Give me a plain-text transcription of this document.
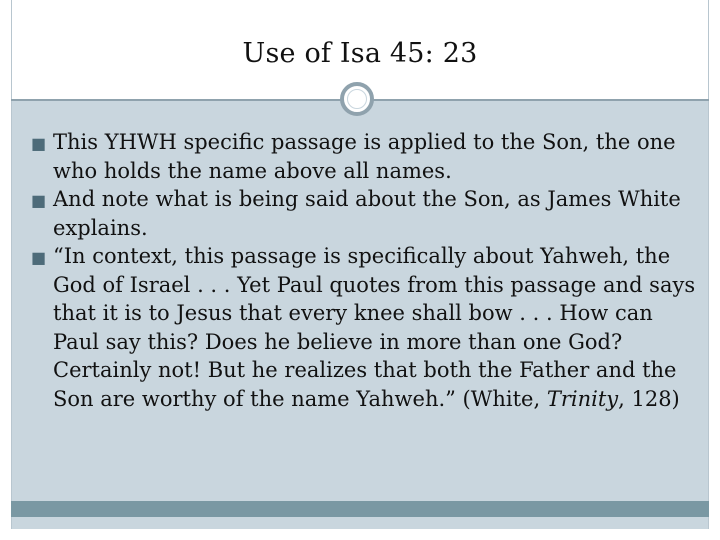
Use of Isa 45: 23

■ This YHWH specific passage is applied to the Son, the one who holds the name above all names.

■ And note what is being said about the Son, as James White explains.

■ “In context, this passage is specifically about Yahweh, the God of Israel . . . Yet Paul quotes from this passage and says that it is to Jesus that every knee shall bow . . . How can Paul say this? Does he believe in more than one God? Certainly not! But he realizes that both the Father and the Son are worthy of the name Yahweh.” (White, Trinity, 128)
